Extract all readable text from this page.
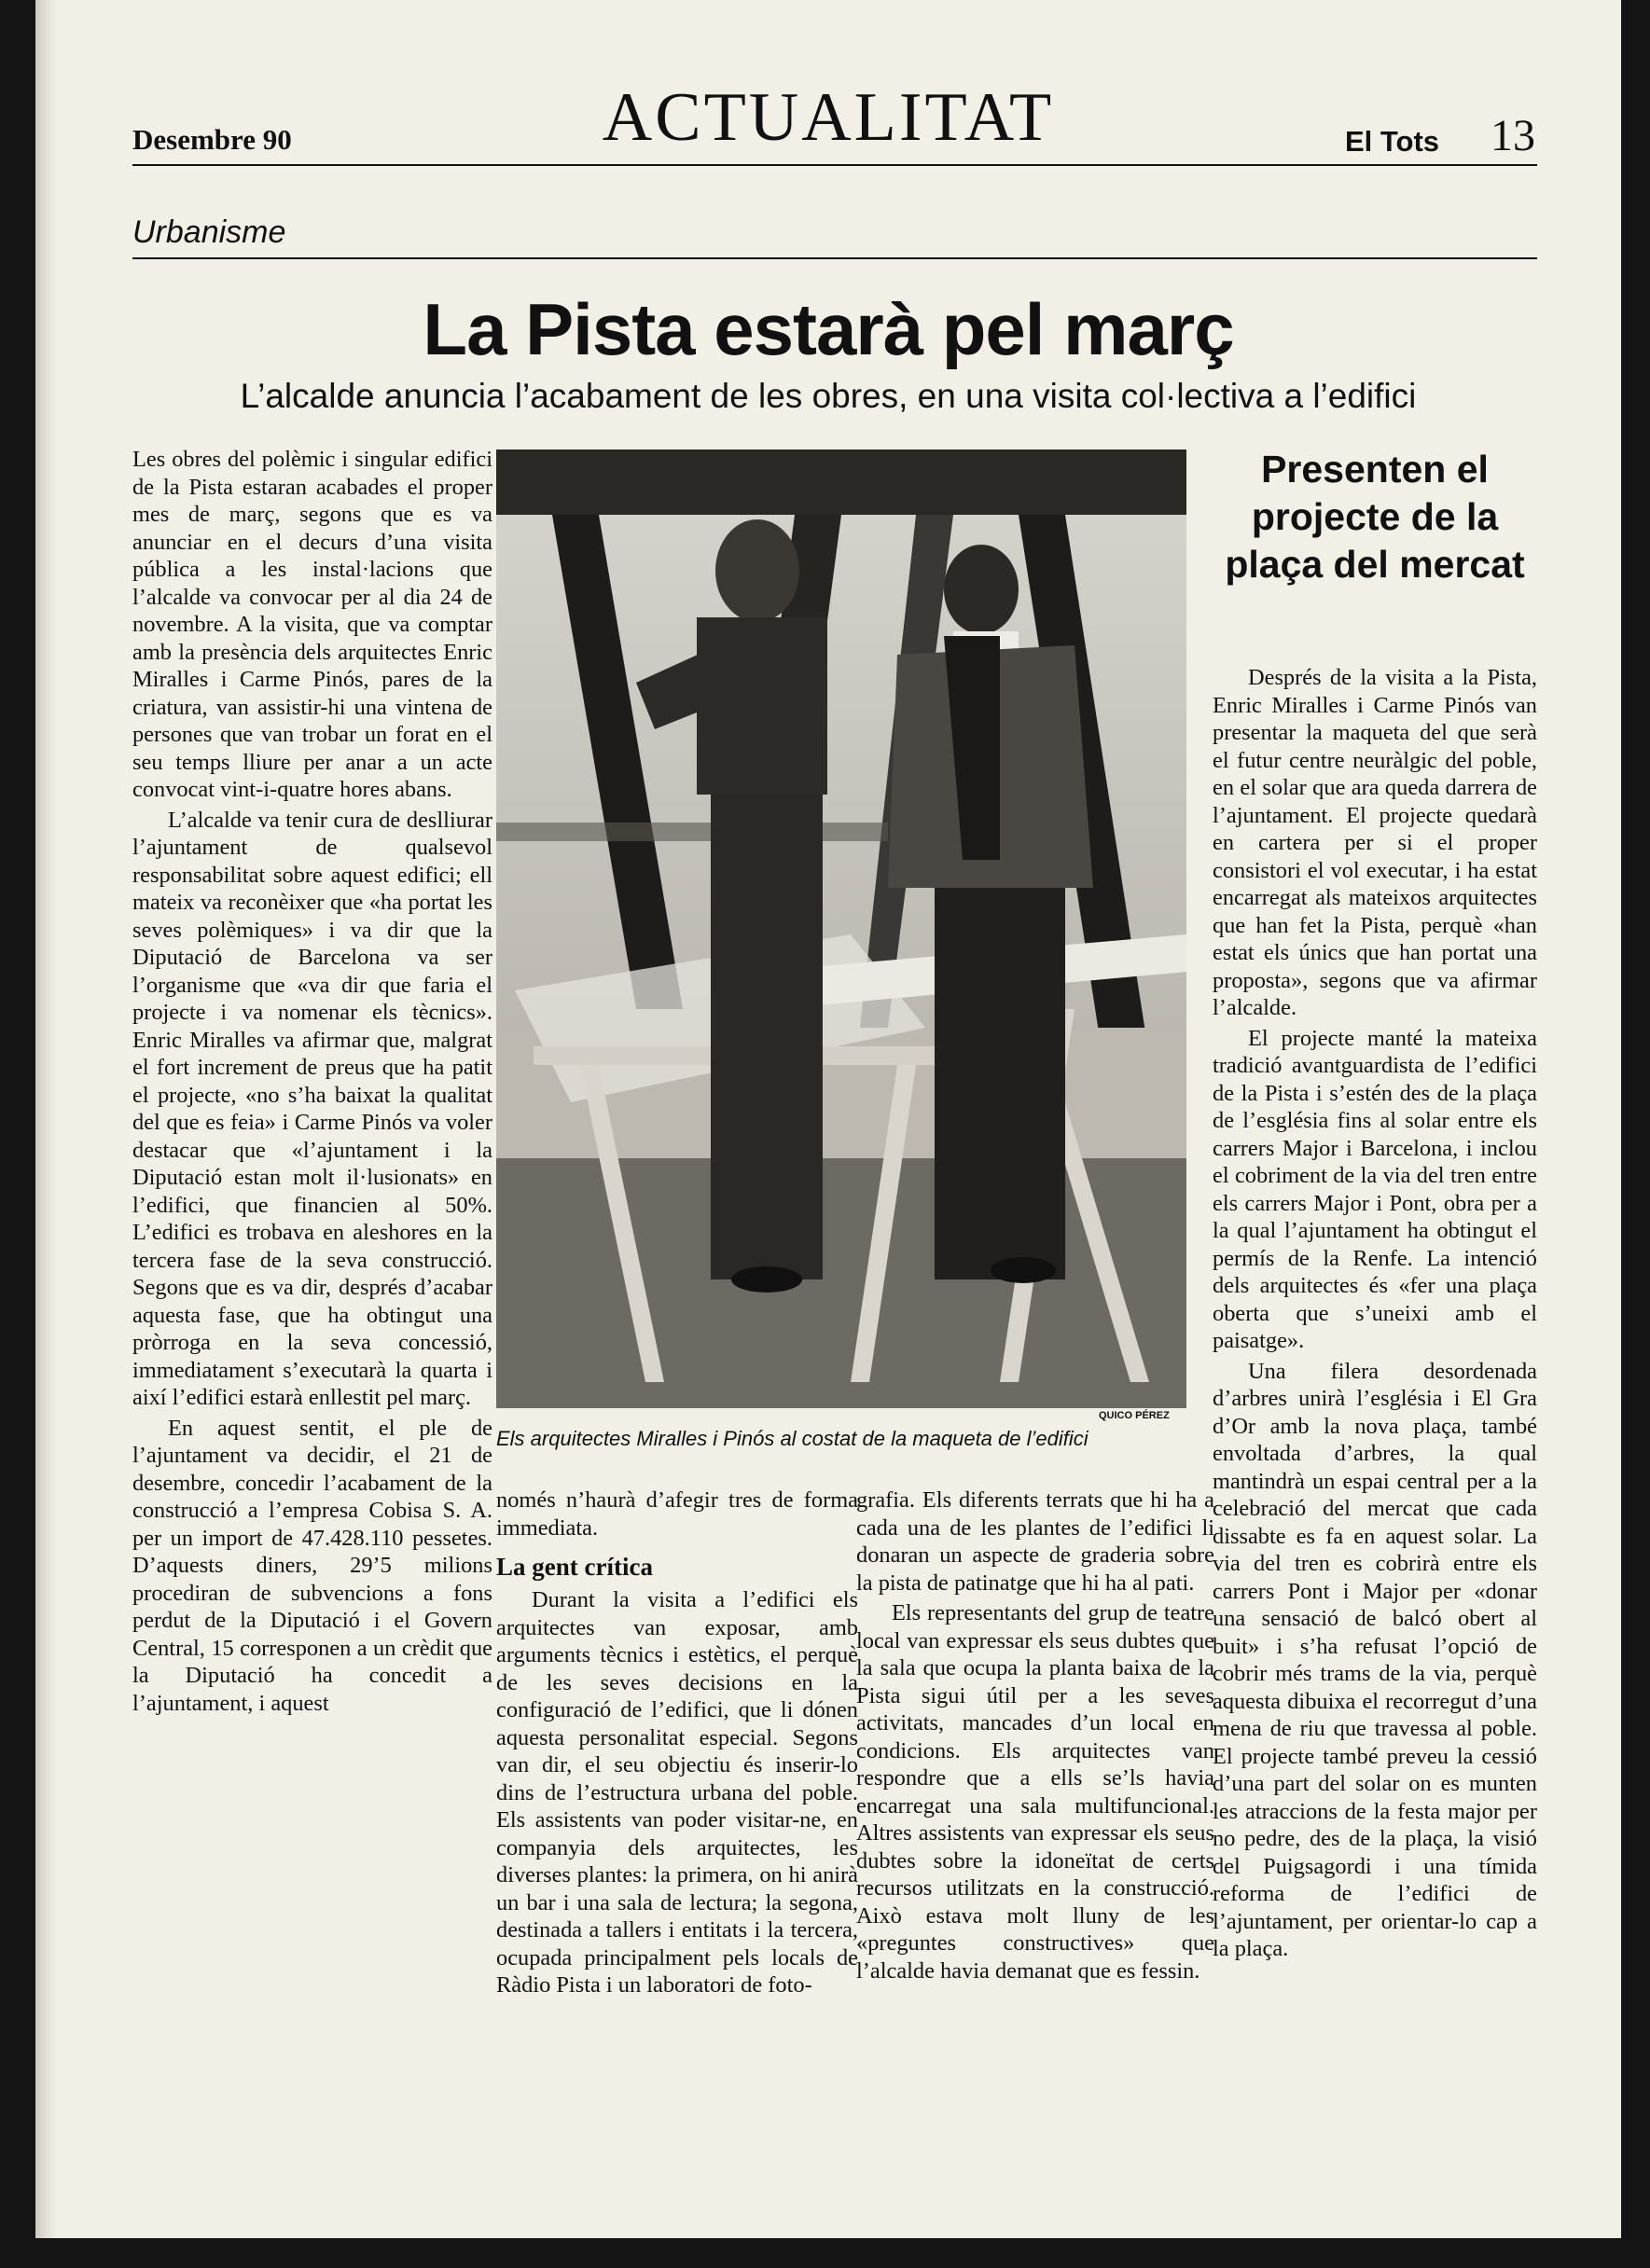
Desembre 90	ACTUALITAT	El Tots 13
Urbanisme
La Pista estarà pel març
L’alcalde anuncia l’acabament de les obres, en una visita col·lectiva a l’edifici

Les obres del polèmic i singular edifici de la Pista estaran acabades el proper mes de març, segons que es va anunciar en el decurs d’una visita pública a les instal·lacions que l’alcalde va convocar per al dia 24 de novembre. A la visita, que va comptar amb la presència dels arquitectes Enric Miralles i Carme Pinós, pares de la criatura, van assistir-hi una vintena de persones que van trobar un forat en el seu temps lliure per anar a un acte convocat vint-i-quatre hores abans.

L’alcalde va tenir cura de deslliurar l’ajuntament de qualsevol responsabilitat sobre aquest edifici; ell mateix va reconèixer que «ha portat les seves polèmiques» i va dir que la Diputació de Barcelona va ser l’organisme que «va dir que faria el projecte i va nomenar els tècnics». Enric Miralles va afirmar que, malgrat el fort increment de preus que ha patit el projecte, «no s’ha baixat la qualitat del que es feia» i Carme Pinós va voler destacar que «l’ajuntament i la Diputació estan molt il·lusionats» en l’edifici, que financien al 50%. L’edifici es trobava en aleshores en la tercera fase de la seva construcció. Segons que es va dir, després d’acabar aquesta fase, que ha obtingut una pròrroga en la seva concessió, immediatament s’executarà la quarta i així l’edifici estarà enllestit pel març.

En aquest sentit, el ple de l’ajuntament va decidir, el 21 de desembre, concedir l’acabament de la construcció a l’empresa Cobisa S. A. per un import de 47.428.110 pessetes. D’aquests diners, 29’5 milions procediran de subvencions a fons perdut de la Diputació i el Govern Central, 15 corresponen a un crèdit que la Diputació ha concedit a l’ajuntament, i aquest

QUICO PÉREZ
Els arquitectes Miralles i Pinós al costat de la maqueta de l’edifici

només n’haurà d’afegir tres de forma immediata.

La gent crítica

Durant la visita a l’edifici els arquitectes van exposar, amb arguments tècnics i estètics, el perquè de les seves decisions en la configuració de l’edifici, que li dónen aquesta personalitat especial. Segons van dir, el seu objectiu és inserir-lo dins de l’estructura urbana del poble. Els assistents van poder visitar-ne, en companyia dels arquitectes, les diverses plantes: la primera, on hi anirà un bar i una sala de lectura; la segona, destinada a tallers i entitats i la tercera, ocupada principalment pels locals de Ràdio Pista i un laboratori de foto-

grafia. Els diferents terrats que hi ha a cada una de les plantes de l’edifici li donaran un aspecte de graderia sobre la pista de patinatge que hi ha al pati.

Els representants del grup de teatre local van expressar els seus dubtes que la sala que ocupa la planta baixa de la Pista sigui útil per a les seves activitats, mancades d’un local en condicions. Els arquitectes van respondre que a ells se’ls havia encarregat una sala multifuncional. Altres assistents van expressar els seus dubtes sobre la idoneïtat de certs recursos utilitzats en la construcció. Això estava molt lluny de les «preguntes constructives» que l’alcalde havia demanat que es fessin.

Presenten el projecte de la plaça del mercat

Després de la visita a la Pista, Enric Miralles i Carme Pinós van presentar la maqueta del que serà el futur centre neuràlgic del poble, en el solar que ara queda darrera de l’ajuntament. El projecte quedarà en cartera per si el proper consistori el vol executar, i ha estat encarregat als mateixos arquitectes que han fet la Pista, perquè «han estat els únics que han portat una proposta», segons que va afirmar l’alcalde.

El projecte manté la mateixa tradició avantguardista de l’edifici de la Pista i s’estén des de la plaça de l’església fins al solar entre els carrers Major i Barcelona, i inclou el cobriment de la via del tren entre els carrers Major i Pont, obra per a la qual l’ajuntament ha obtingut el permís de la Renfe. La intenció dels arquitectes és «fer una plaça oberta que s’uneixi amb el paisatge».

Una filera desordenada d’arbres unirà l’església i El Gra d’Or amb la nova plaça, també envoltada d’arbres, la qual mantindrà un espai central per a la celebració del mercat que cada dissabte es fa en aquest solar. La via del tren es cobrirà entre els carrers Pont i Major per «donar una sensació de balcó obert al buit» i s’ha refusat l’opció de cobrir més trams de la via, perquè aquesta dibuixa el recorregut d’una mena de riu que travessa al poble. El projecte també preveu la cessió d’una part del solar on es munten les atraccions de la festa major per no pedre, des de la plaça, la visió del Puigsagordi i una tímida reforma de l’edifici de l’ajuntament, per orientar-lo cap a la plaça.
